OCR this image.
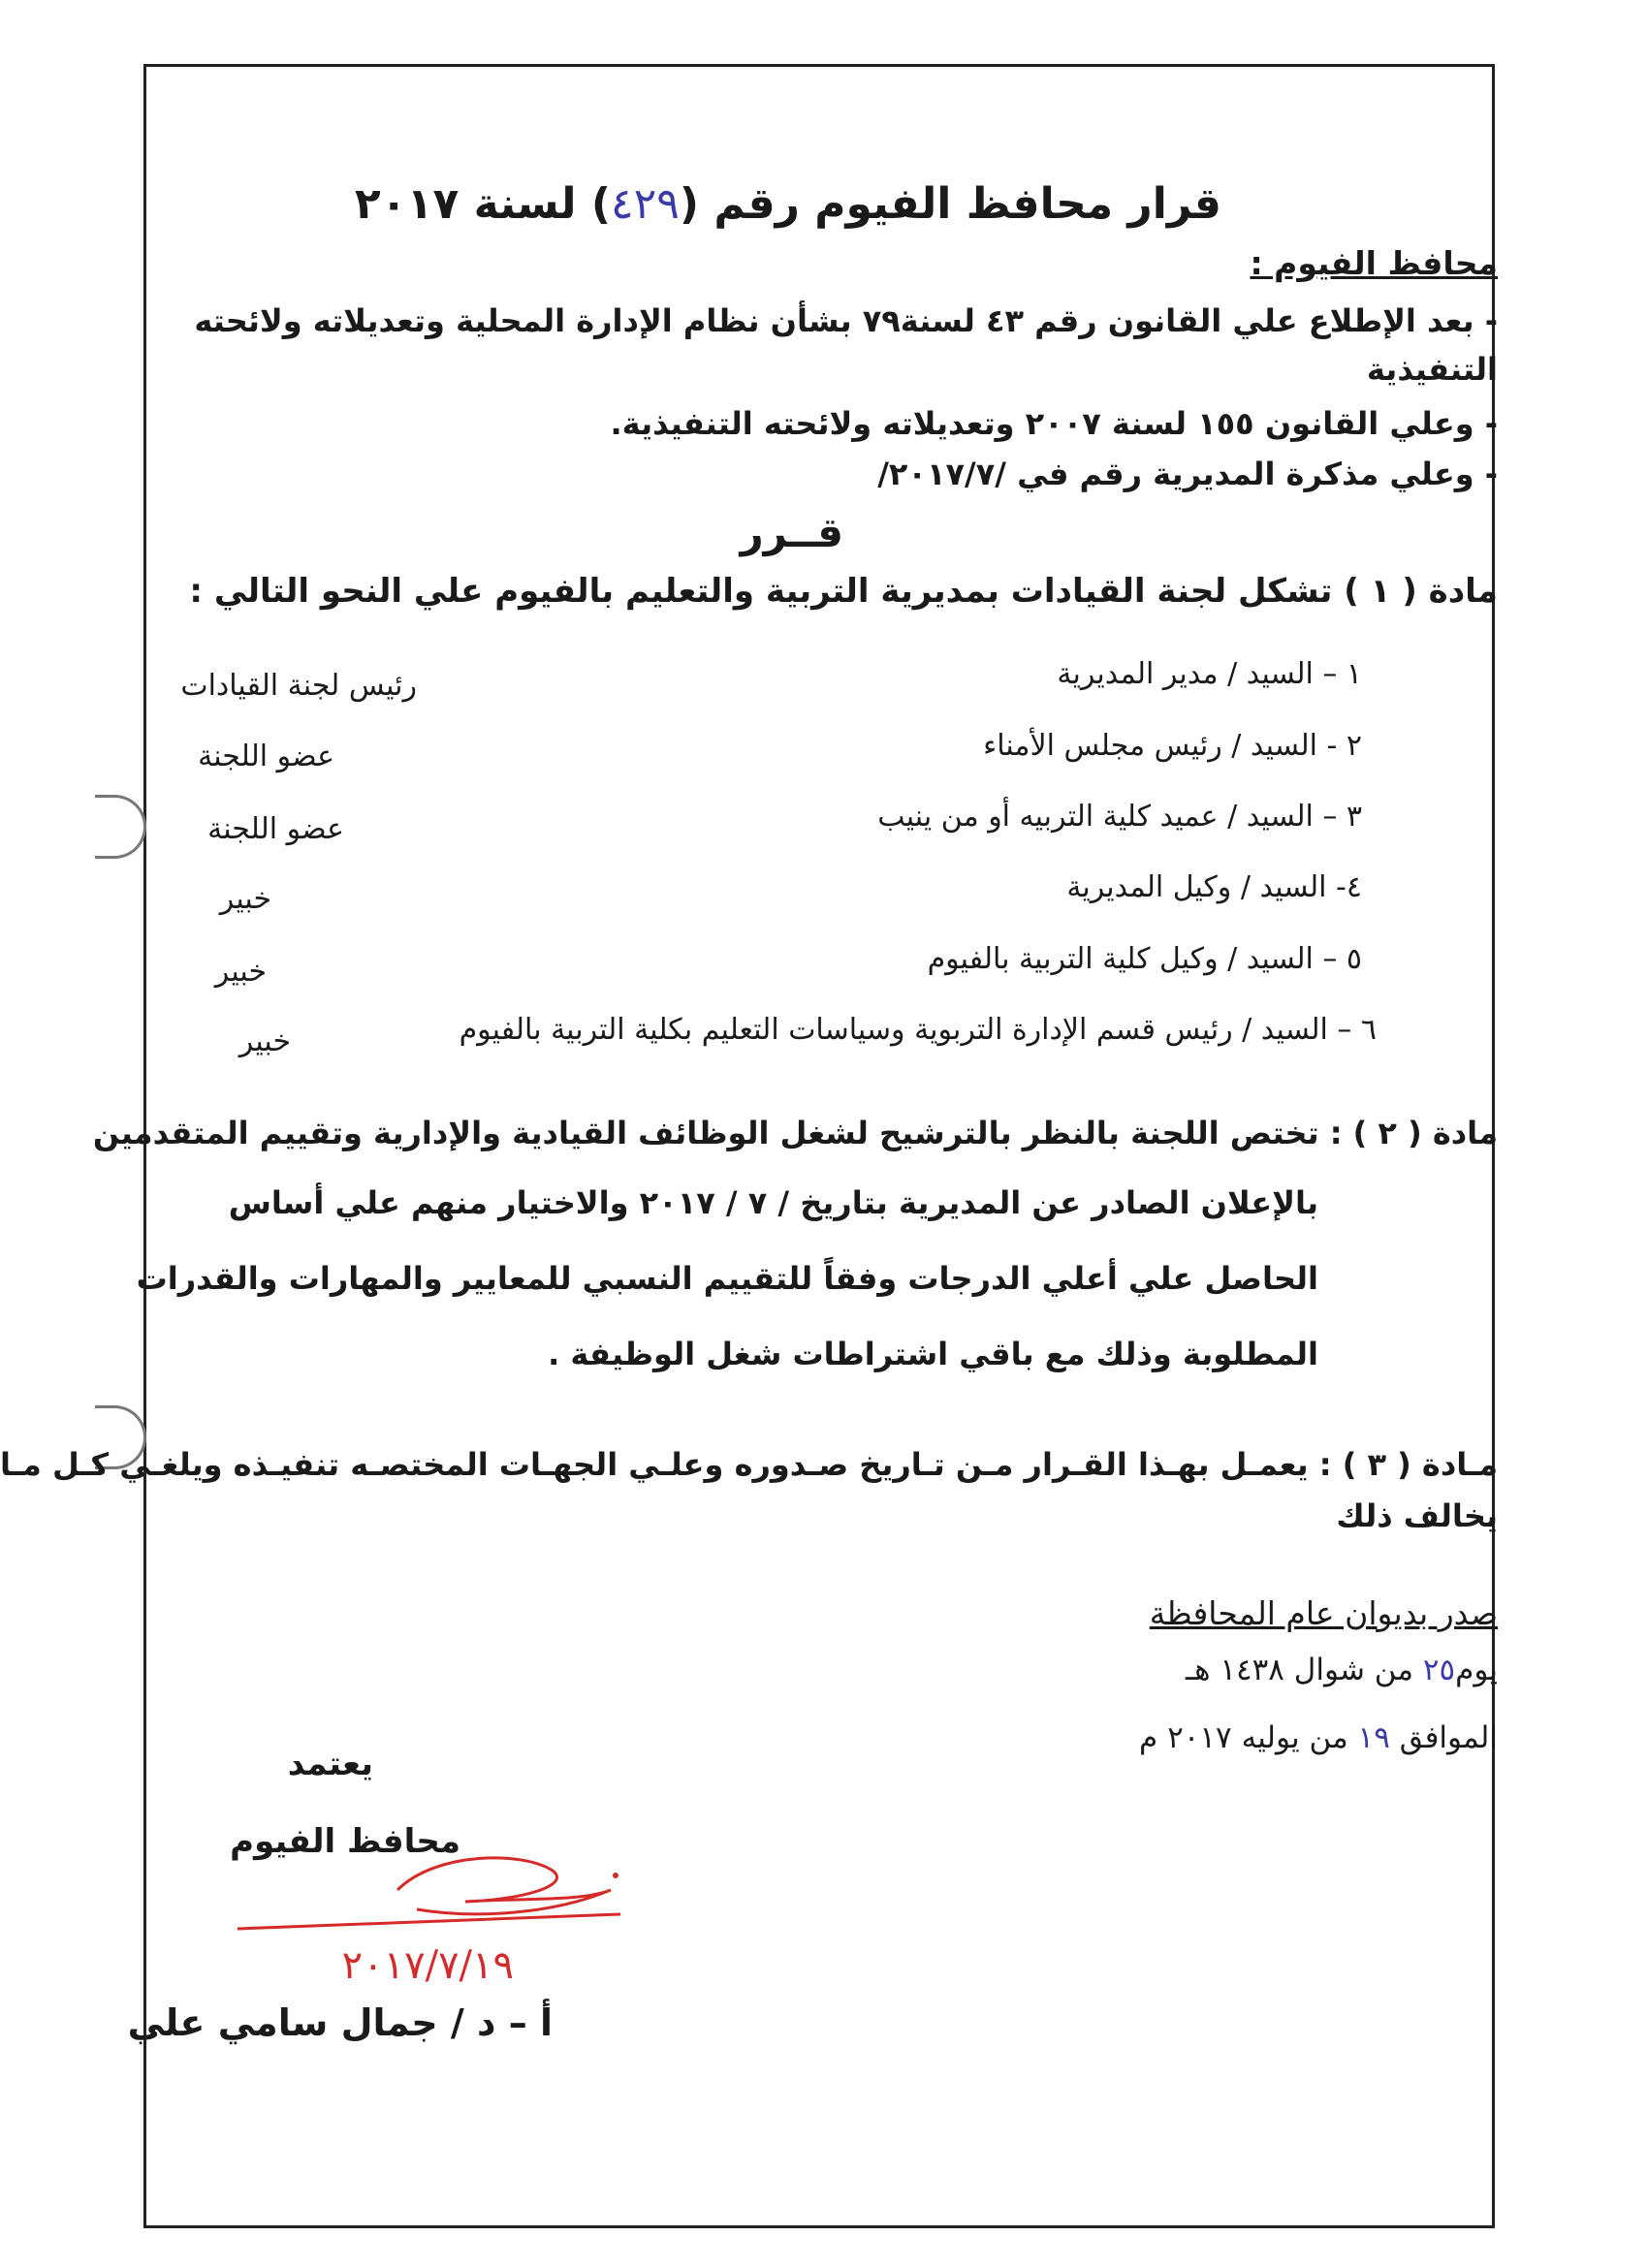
قرار محافظ الفيوم رقم (٤٢٩) لسنة ٢٠١٧
محافظ الفيوم :
- بعد الإطلاع علي القانون رقم ٤٣ لسنة٧٩ بشأن نظام الإدارة المحلية وتعديلاته ولائحته
التنفيذية
- وعلي القانون ١٥٥ لسنة ٢٠٠٧ وتعديلاته ولائحته التنفيذية.
- وعلي مذكرة المديرية رقم في /٢٠١٧/٧/
قــرر
مادة ( ١ ) تشكل لجنة القيادات بمديرية التربية والتعليم بالفيوم علي النحو التالي :
١ – السيد / مدير المديرية
رئيس لجنة القيادات
٢ - السيد / رئيس مجلس الأمناء
عضو اللجنة
٣ – السيد / عميد كلية التربيه أو من ينيب
عضو اللجنة
٤- السيد / وكيل المديرية
خبير
٥ – السيد / وكيل كلية التربية بالفيوم
خبير
٦ – السيد / رئيس قسم الإدارة التربوية وسياسات التعليم بكلية التربية بالفيوم
خبير
مادة ( ٢ ) : تختص اللجنة بالنظر بالترشيح لشغل الوظائف القيادية والإدارية وتقييم المتقدمين
بالإعلان الصادر عن المديرية بتاريخ / ٧ / ٢٠١٧ والاختيار منهم علي أساس
الحاصل علي أعلي الدرجات وفقاً للتقييم النسبي للمعايير والمهارات والقدرات
المطلوبة وذلك مع باقي اشتراطات شغل الوظيفة .
مـادة ( ٣ ) : يعمـل بهـذا القـرار مـن تـاريخ صـدوره وعلـي الجهـات المختصـه تنفيـذه ويلغـي كـل مـا
يخالف ذلك
صدر بديوان عام المحافظة
يوم٢٥ من شوال ١٤٣٨ هـ
الموافق ١٩ من يوليه ٢٠١٧ م
يعتمد
محافظ الفيوم
٢٠١٧/٧/١٩
أ – د / جمال سامي علي
